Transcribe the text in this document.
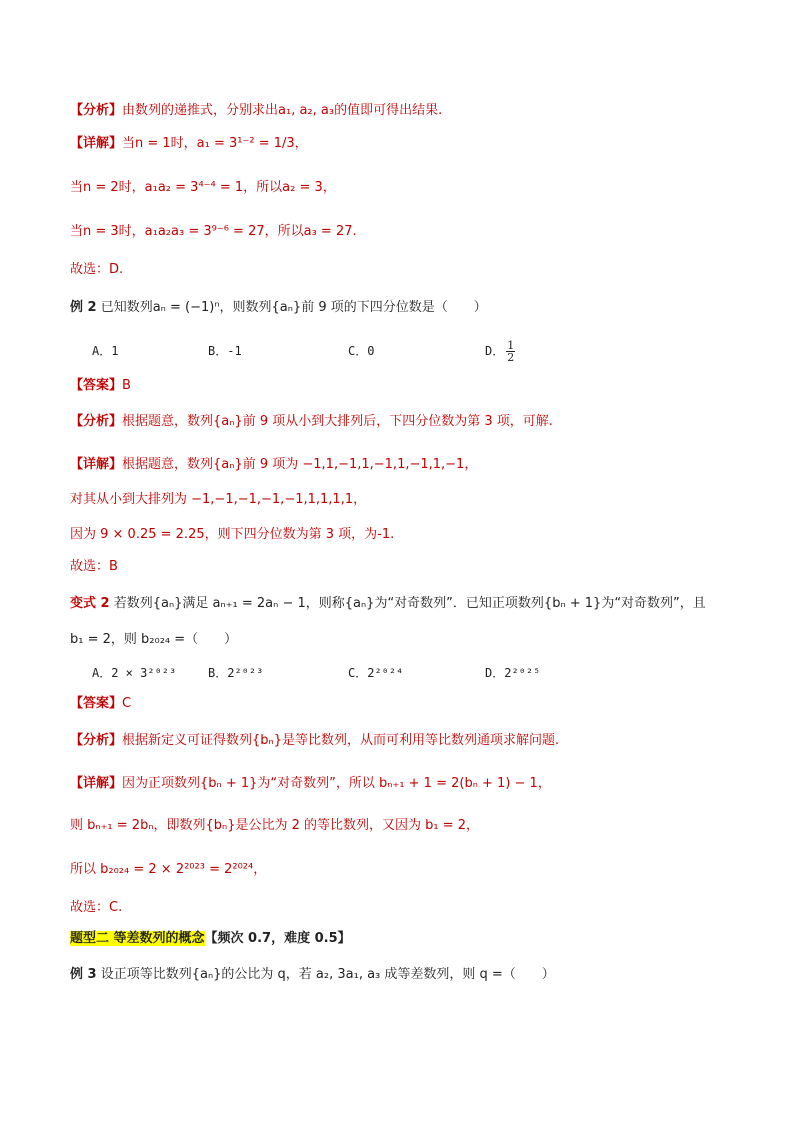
【分析】由数列的递推式，分别求出a₁, a₂, a₃的值即可得出结果.
【详解】当n = 1时，a₁ = 3¹⁻² = 1/3，
当n = 2时，a₁a₂ = 3⁴⁻⁴ = 1，所以a₂ = 3，
当n = 3时，a₁a₂a₃ = 3⁹⁻⁶ = 27，所以a₃ = 27.
故选：D.
例 2 已知数列aₙ = (−1)ⁿ，则数列{aₙ}前 9 项的下四分位数是（　　）
A．1	B．-1	C．0	D． $\frac{1}{2}$
【答案】B
【分析】根据题意，数列{aₙ}前 9 项从小到大排列后，下四分位数为第 3 项，可解.
【详解】根据题意，数列{aₙ}前 9 项为 −1,1,−1,1,−1,1,−1,1,−1，
对其从小到大排列为 −1,−1,−1,−1,−1,1,1,1,1，
因为 9 × 0.25 = 2.25，则下四分位数为第 3 项，为-1.
故选：B
变式 2 若数列{aₙ}满足 aₙ₊₁ = 2aₙ − 1，则称{aₙ}为“对奇数列”．已知正项数列{bₙ + 1}为“对奇数列”，且
b₁ = 2，则 b₂₀₂₄ =（　　）
A．2 × 3²⁰²³	B．2²⁰²³	C．2²⁰²⁴	D．2²⁰²⁵
【答案】C
【分析】根据新定义可证得数列{bₙ}是等比数列，从而可利用等比数列通项求解问题.
【详解】因为正项数列{bₙ + 1}为“对奇数列”，所以 bₙ₊₁ + 1 = 2(bₙ + 1) − 1，
则 bₙ₊₁ = 2bₙ，即数列{bₙ}是公比为 2 的等比数列，又因为 b₁ = 2，
所以 b₂₀₂₄ = 2 × 2²⁰²³ = 2²⁰²⁴，
故选：C.
题型二 等差数列的概念【频次 0.7，难度 0.5】
例 3 设正项等比数列{aₙ}的公比为 q，若 a₂, 3a₁, a₃ 成等差数列，则 q =（　　）
